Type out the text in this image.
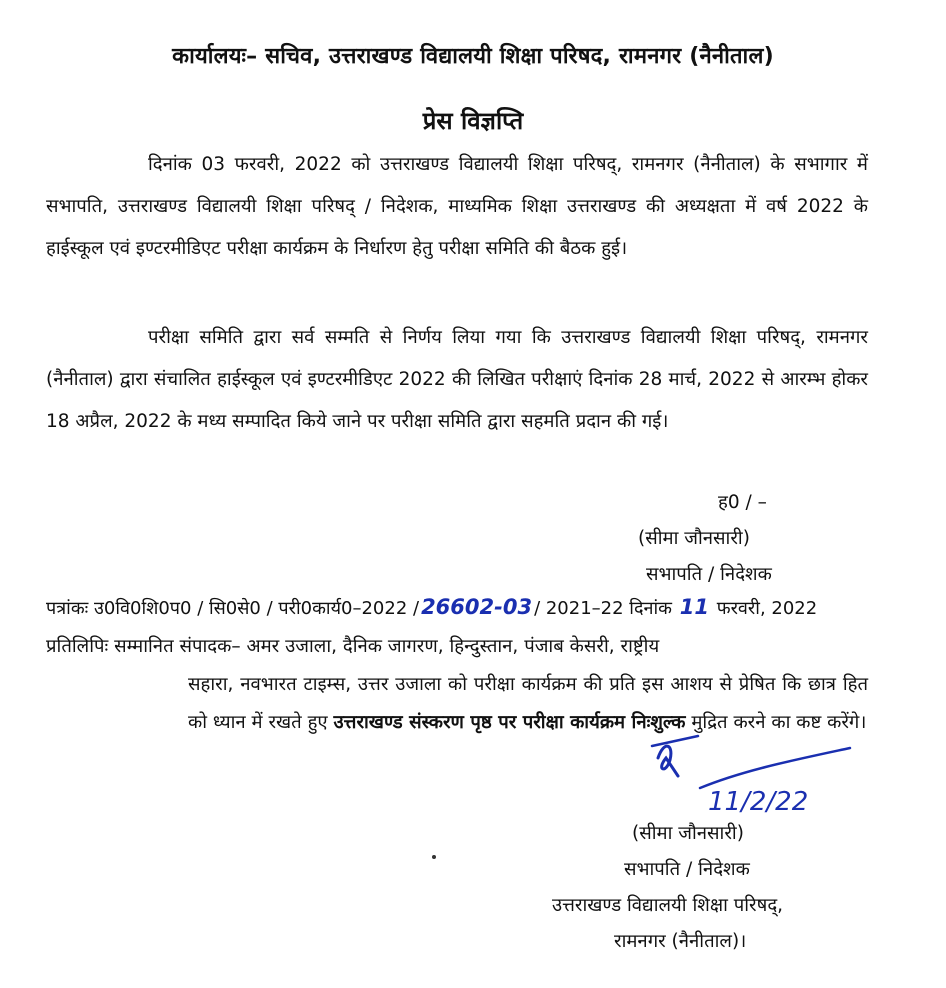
कार्यालयः– सचिव, उत्तराखण्ड विद्यालयी शिक्षा परिषद, रामनगर (नैनीताल)
प्रेस विज्ञप्ति
दिनांक 03 फरवरी, 2022 को उत्तराखण्ड विद्यालयी शिक्षा परिषद्, रामनगर (नैनीताल) के सभागार में सभापति, उत्तराखण्ड विद्यालयी शिक्षा परिषद् / निदेशक, माध्यमिक शिक्षा उत्तराखण्ड की अध्यक्षता में वर्ष 2022 के हाईस्कूल एवं इण्टरमीडिएट परीक्षा कार्यक्रम के निर्धारण हेतु परीक्षा समिति की बैठक हुई।
परीक्षा समिति द्वारा सर्व सम्मति से निर्णय लिया गया कि उत्तराखण्ड विद्यालयी शिक्षा परिषद्, रामनगर (नैनीताल) द्वारा संचालित हाईस्कूल एवं इण्टरमीडिएट 2022 की लिखित परीक्षाएं दिनांक 28 मार्च, 2022 से आरम्भ होकर 18 अप्रैल, 2022 के मध्य सम्पादित किये जाने पर परीक्षा समिति द्वारा सहमति प्रदान की गई।
ह0 / –
(सीमा जौनसारी)
सभापति / निदेशक
पत्रांकः उ0वि0शि0प0 / सि0से0 / परी0कार्य0–2022 /26602-03 / 2021–22 दिनांक 11 फरवरी, 2022
प्रतिलिपिः
सम्मानित संपादक– अमर उजाला, दैनिक जागरण, हिन्दुस्तान, पंजाब केसरी, राष्ट्रीय
सहारा, नवभारत टाइम्स, उत्तर उजाला को परीक्षा कार्यक्रम की प्रति इस आशय से प्रेषित कि छात्र हित को ध्यान में रखते हुए उत्तराखण्ड संस्करण पृष्ठ पर परीक्षा कार्यक्रम निःशुल्क मुद्रित करने का कष्ट करेंगे।
11/2/22
(सीमा जौनसारी)
सभापति / निदेशक
उत्तराखण्ड विद्यालयी शिक्षा परिषद्,
रामनगर (नैनीताल)।
